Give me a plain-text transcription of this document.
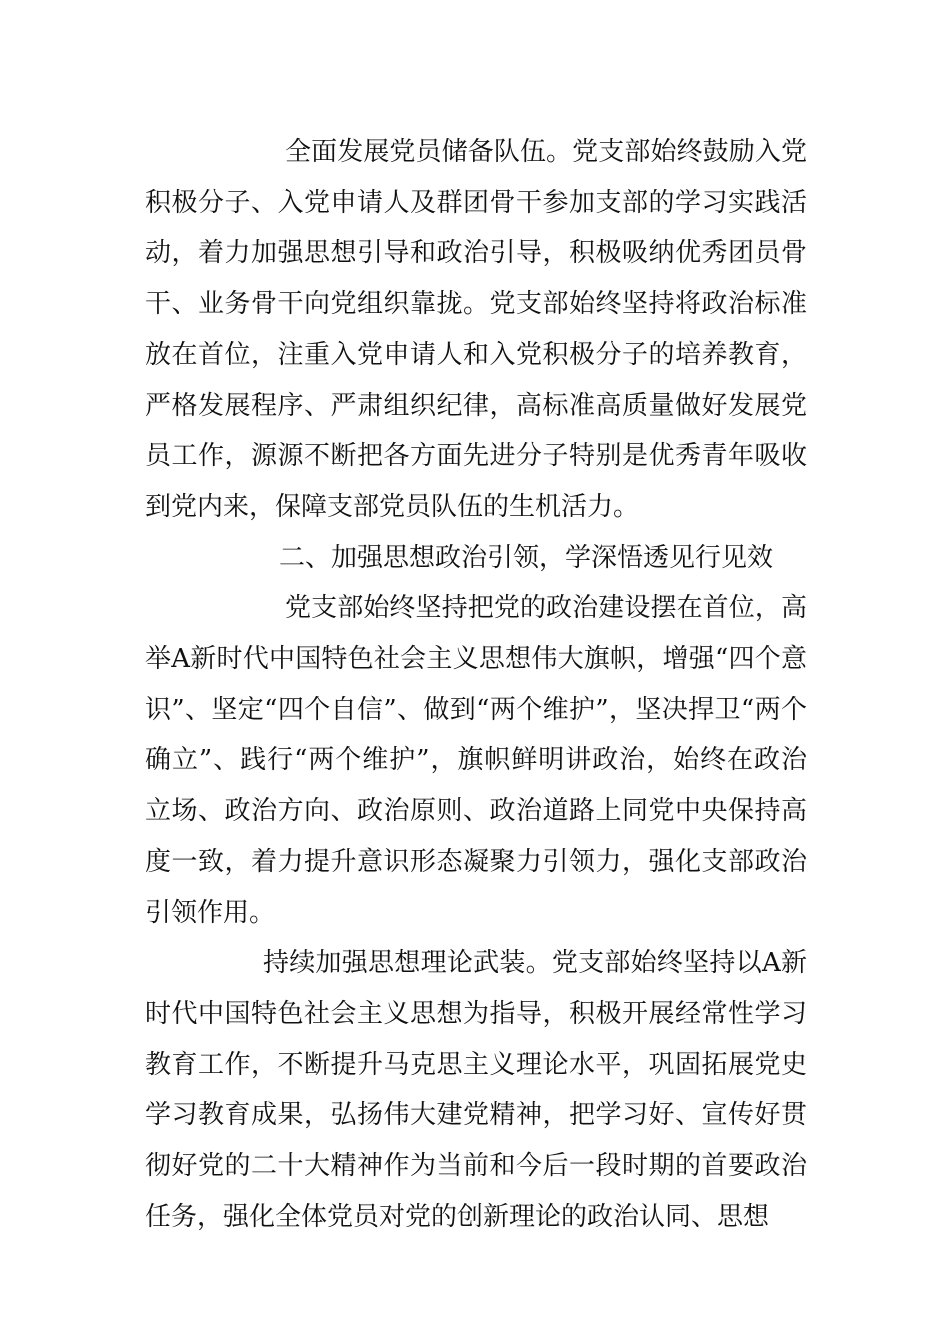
全面发展党员储备队伍。党支部始终鼓励入党积极分子、入党申请人及群团骨干参加支部的学习实践活动，着力加强思想引导和政治引导，积极吸纳优秀团员骨干、业务骨干向党组织靠拢。党支部始终坚持将政治标准放在首位，注重入党申请人和入党积极分子的培养教育，严格发展程序、严肃组织纪律，高标准高质量做好发展党员工作，源源不断把各方面先进分子特别是优秀青年吸收到党内来，保障支部党员队伍的生机活力。

二、加强思想政治引领，学深悟透见行见效

党支部始终坚持把党的政治建设摆在首位，高举A新时代中国特色社会主义思想伟大旗帜，增强“四个意识”、坚定“四个自信”、做到“两个维护”，坚决捍卫“两个确立”、践行“两个维护”，旗帜鲜明讲政治，始终在政治立场、政治方向、政治原则、政治道路上同党中央保持高度一致，着力提升意识形态凝聚力引领力，强化支部政治引领作用。

持续加强思想理论武装。党支部始终坚持以A新时代中国特色社会主义思想为指导，积极开展经常性学习教育工作，不断提升马克思主义理论水平，巩固拓展党史学习教育成果，弘扬伟大建党精神，把学习好、宣传好贯彻好党的二十大精神作为当前和今后一段时期的首要政治任务，强化全体党员对党的创新理论的政治认同、思想
